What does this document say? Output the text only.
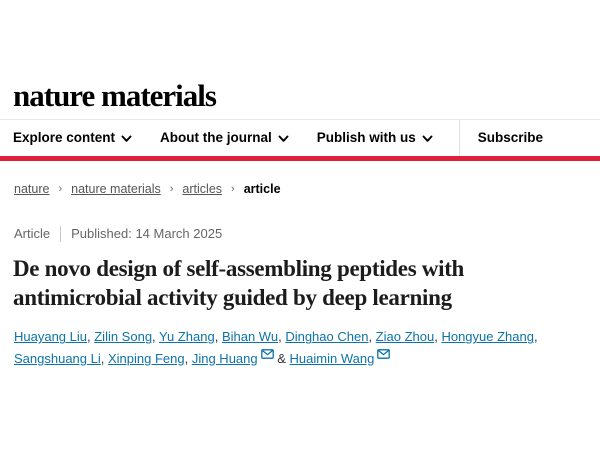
nature materials
Explore content	About the journal	Publish with us	Subscribe
nature › nature materials › articles › article
Article Published: 14 March 2025
De novo design of self-assembling peptides with antimicrobial activity guided by deep learning
Huayang Liu, Zilin Song, Yu Zhang, Bihan Wu, Dinghao Chen, Ziao Zhou, Hongyue Zhang, Sangshuang Li, Xinping Feng, Jing Huang & Huaimin Wang
